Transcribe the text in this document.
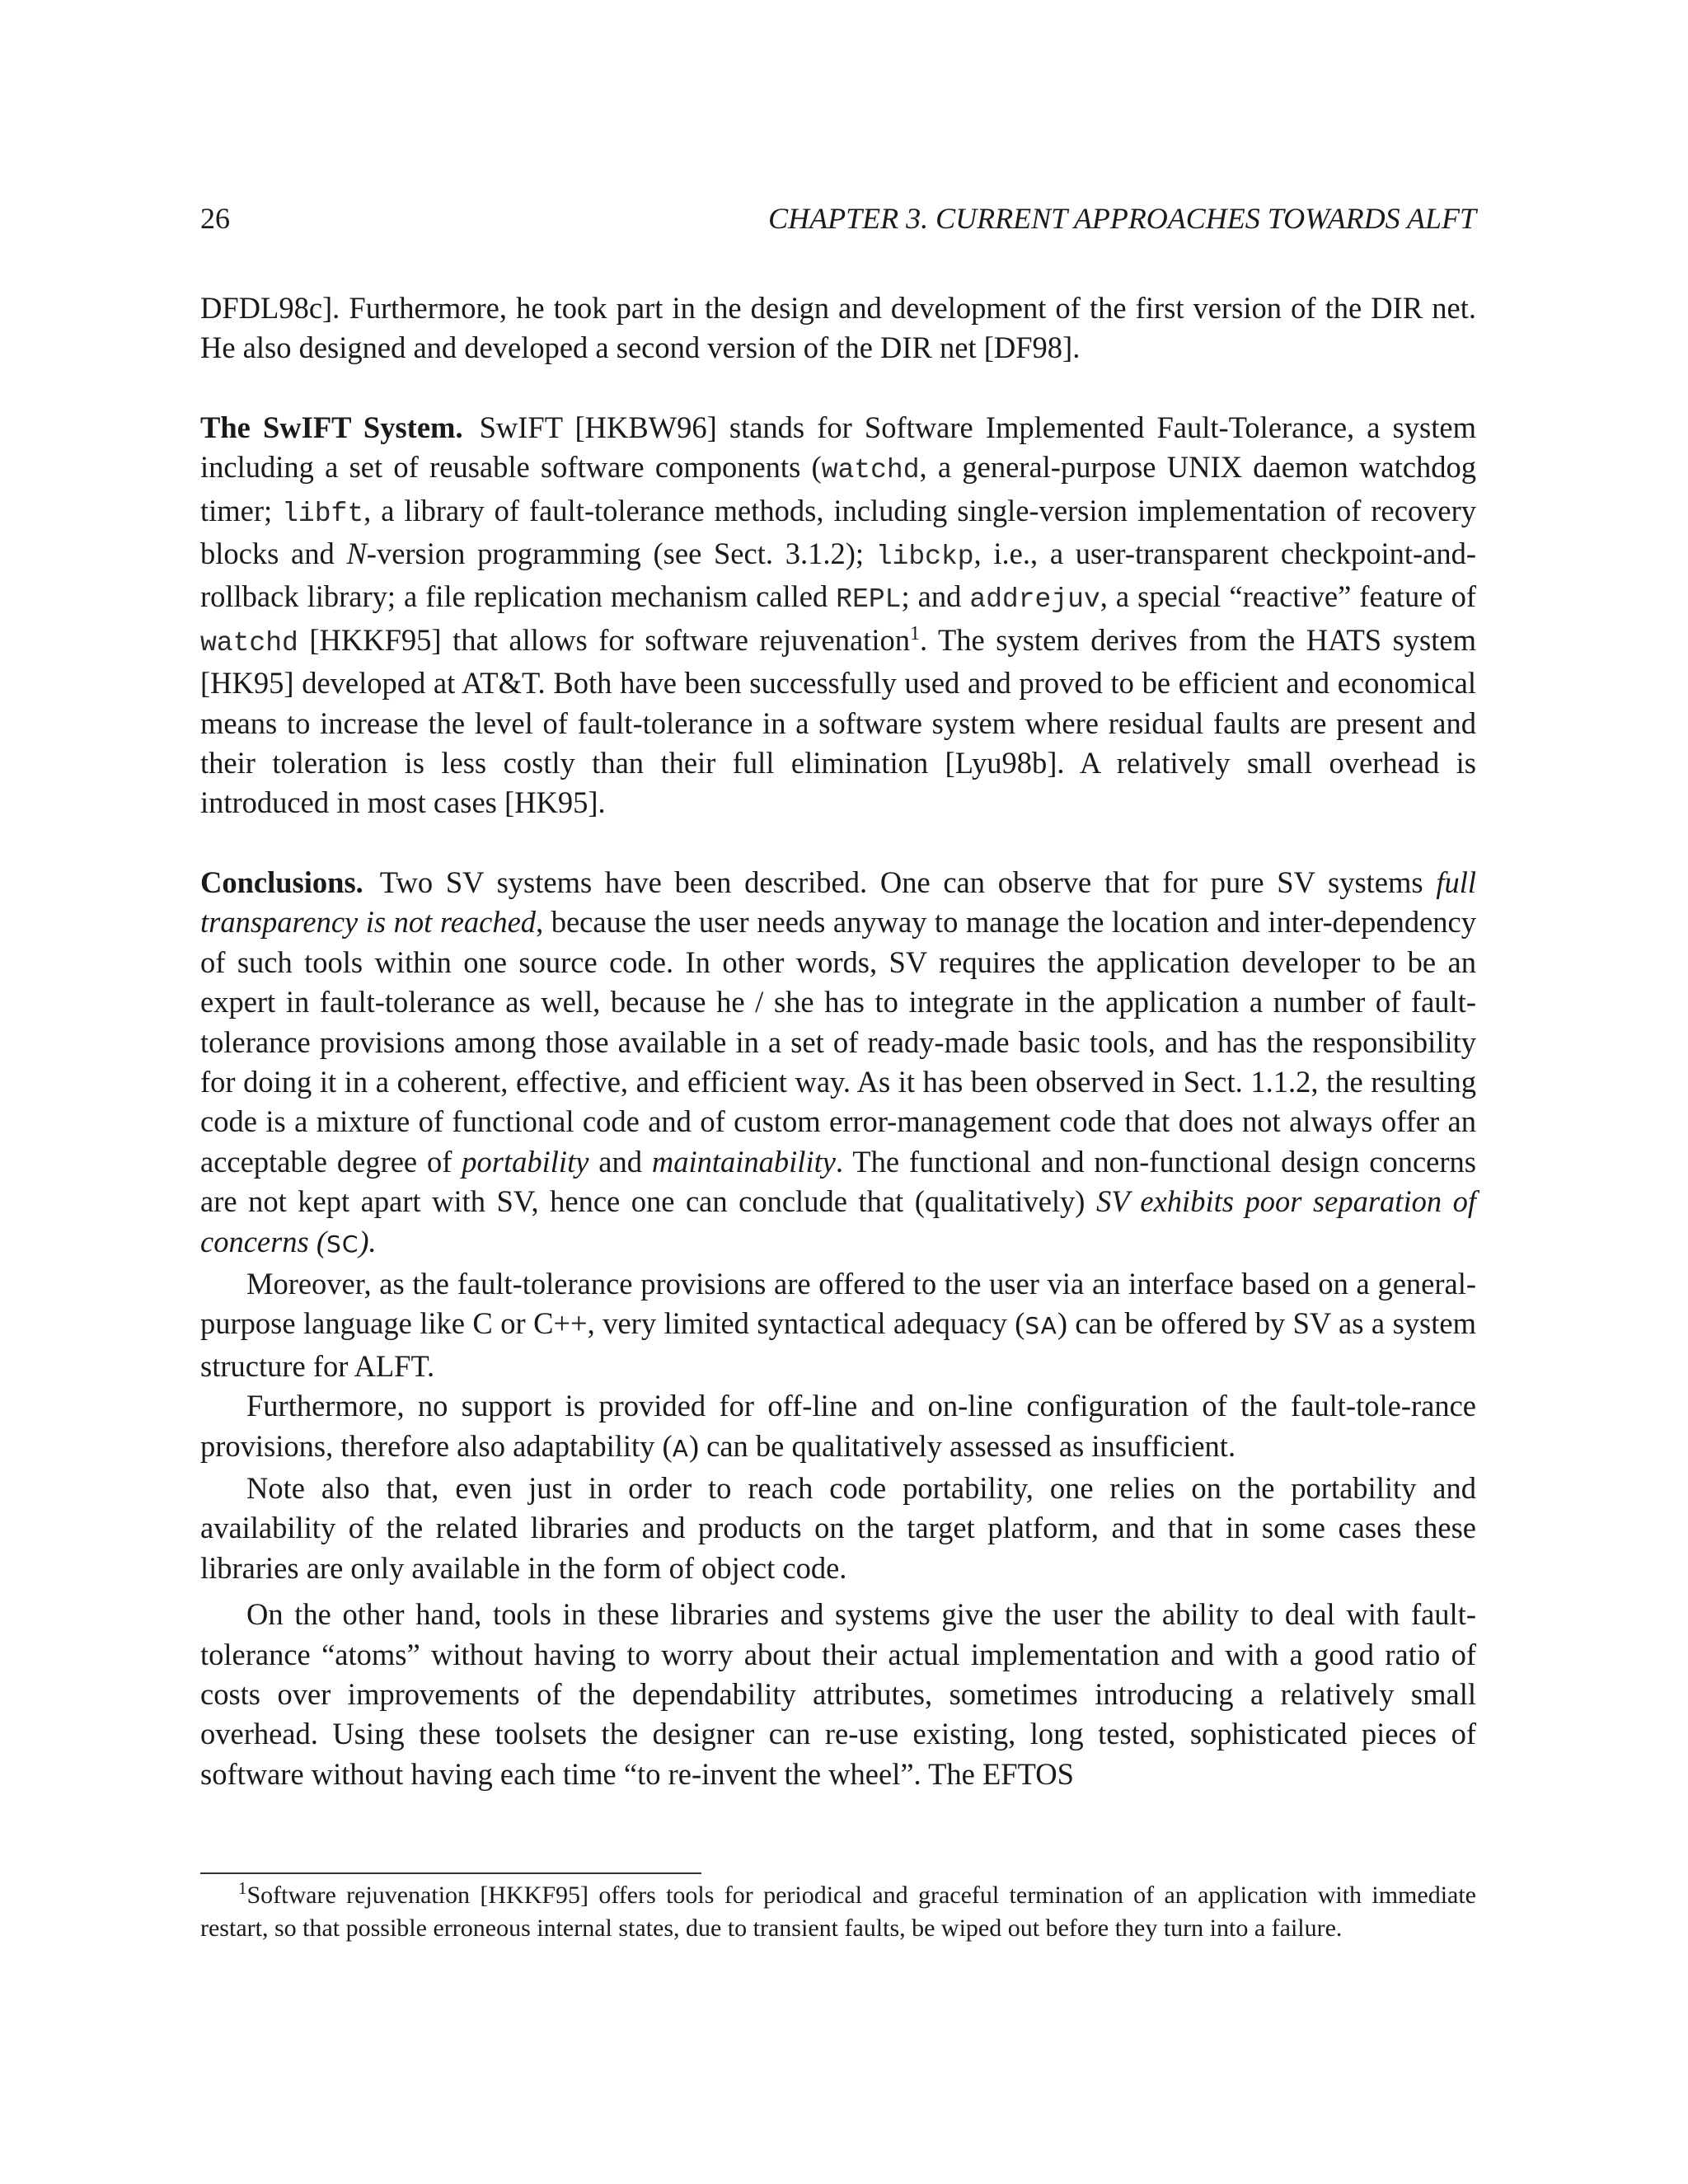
26	CHAPTER 3. CURRENT APPROACHES TOWARDS ALFT

DFDL98c]. Furthermore, he took part in the design and development of the first version of the DIR net. He also designed and developed a second version of the DIR net [DF98].

The SwIFT System. SwIFT [HKBW96] stands for Software Implemented Fault-Tolerance, a system including a set of reusable software components (watchd, a general-purpose UNIX daemon watchdog timer; libft, a library of fault-tolerance methods, including single-version implementation of recovery blocks and N-version programming (see Sect. 3.1.2); libckp, i.e., a user-transparent checkpoint-and-rollback library; a file replication mechanism called REPL; and addrejuv, a special “reactive” feature of watchd [HKKF95] that allows for software rejuvenation$^1$. The system derives from the HATS system [HK95] developed at AT&T. Both have been successfully used and proved to be efficient and economical means to increase the level of fault-tolerance in a software system where residual faults are present and their toleration is less costly than their full elimination [Lyu98b]. A relatively small overhead is introduced in most cases [HK95].

Conclusions. Two SV systems have been described. One can observe that for pure SV systems full transparency is not reached, because the user needs anyway to manage the location and inter-dependency of such tools within one source code. In other words, SV requires the application developer to be an expert in fault-tolerance as well, because he / she has to integrate in the application a number of fault-tolerance provisions among those available in a set of ready-made basic tools, and has the responsibility for doing it in a coherent, effective, and efficient way. As it has been observed in Sect. 1.1.2, the resulting code is a mixture of functional code and of custom error-management code that does not always offer an acceptable degree of portability and maintainability. The functional and non-functional design concerns are not kept apart with SV, hence one can conclude that (qualitatively) SV exhibits poor separation of concerns (SC).

Moreover, as the fault-tolerance provisions are offered to the user via an interface based on a general-purpose language like C or C++, very limited syntactical adequacy (SA) can be offered by SV as a system structure for ALFT.

Furthermore, no support is provided for off-line and on-line configuration of the fault-tole-rance provisions, therefore also adaptability (A) can be qualitatively assessed as insufficient.

Note also that, even just in order to reach code portability, one relies on the portability and availability of the related libraries and products on the target platform, and that in some cases these libraries are only available in the form of object code.

On the other hand, tools in these libraries and systems give the user the ability to deal with fault-tolerance “atoms” without having to worry about their actual implementation and with a good ratio of costs over improvements of the dependability attributes, sometimes introducing a relatively small overhead. Using these toolsets the designer can re-use existing, long tested, sophisticated pieces of software without having each time “to re-invent the wheel”. The EFTOS

$^1$Software rejuvenation [HKKF95] offers tools for periodical and graceful termination of an application with immediate restart, so that possible erroneous internal states, due to transient faults, be wiped out before they turn into a failure.
